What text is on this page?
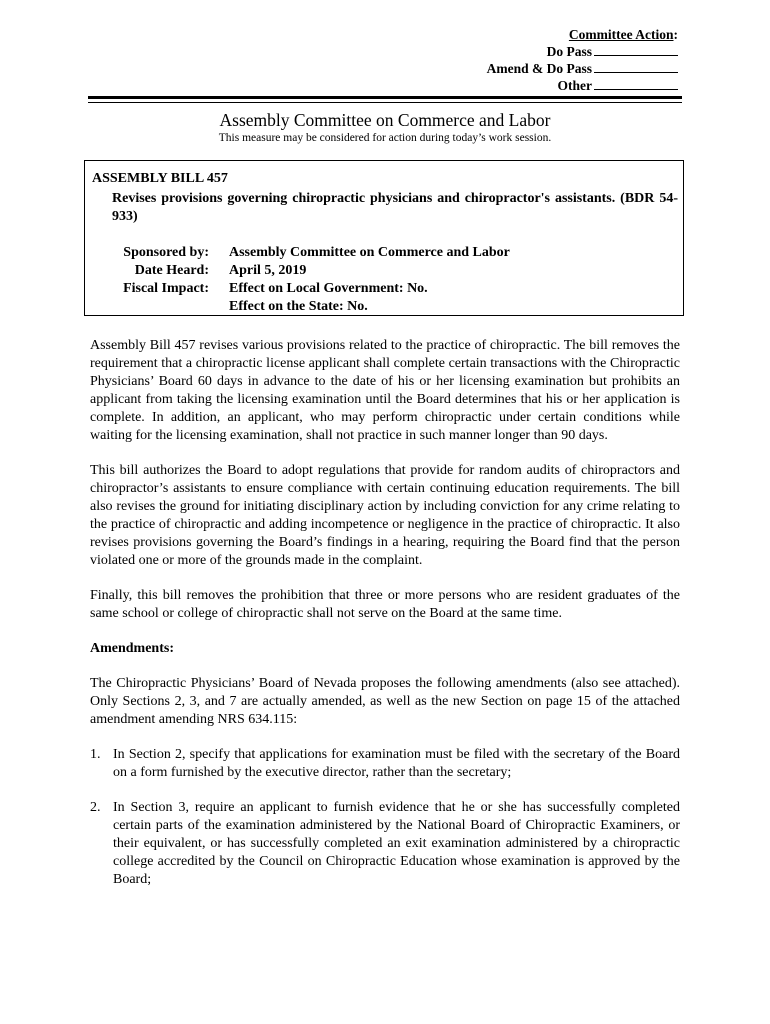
Committee Action:
Do Pass
Amend & Do Pass
Other
Assembly Committee on Commerce and Labor
This measure may be considered for action during today’s work session.
ASSEMBLY BILL 457
Revises provisions governing chiropractic physicians and chiropractor's assistants. (BDR 54-933)
Sponsored by:	Assembly Committee on Commerce and Labor
Date Heard:	April 5, 2019
Fiscal Impact:	Effect on Local Government: No.
Effect on the State: No.

Assembly Bill 457 revises various provisions related to the practice of chiropractic. The bill removes the requirement that a chiropractic license applicant shall complete certain transactions with the Chiropractic Physicians’ Board 60 days in advance to the date of his or her licensing examination but prohibits an applicant from taking the licensing examination until the Board determines that his or her application is complete. In addition, an applicant, who may perform chiropractic under certain conditions while waiting for the licensing examination, shall not practice in such manner longer than 90 days.

This bill authorizes the Board to adopt regulations that provide for random audits of chiropractors and chiropractor’s assistants to ensure compliance with certain continuing education requirements. The bill also revises the ground for initiating disciplinary action by including conviction for any crime relating to the practice of chiropractic and adding incompetence or negligence in the practice of chiropractic. It also revises provisions governing the Board’s findings in a hearing, requiring the Board find that the person violated one or more of the grounds made in the complaint.

Finally, this bill removes the prohibition that three or more persons who are resident graduates of the same school or college of chiropractic shall not serve on the Board at the same time.

Amendments:

The Chiropractic Physicians’ Board of Nevada proposes the following amendments (also see attached). Only Sections 2, 3, and 7 are actually amended, as well as the new Section on page 15 of the attached amendment amending NRS 634.115:

1. In Section 2, specify that applications for examination must be filed with the secretary of the Board on a form furnished by the executive director, rather than the secretary;
2. In Section 3, require an applicant to furnish evidence that he or she has successfully completed certain parts of the examination administered by the National Board of Chiropractic Examiners, or their equivalent, or has successfully completed an exit examination administered by a chiropractic college accredited by the Council on Chiropractic Education whose examination is approved by the Board;
